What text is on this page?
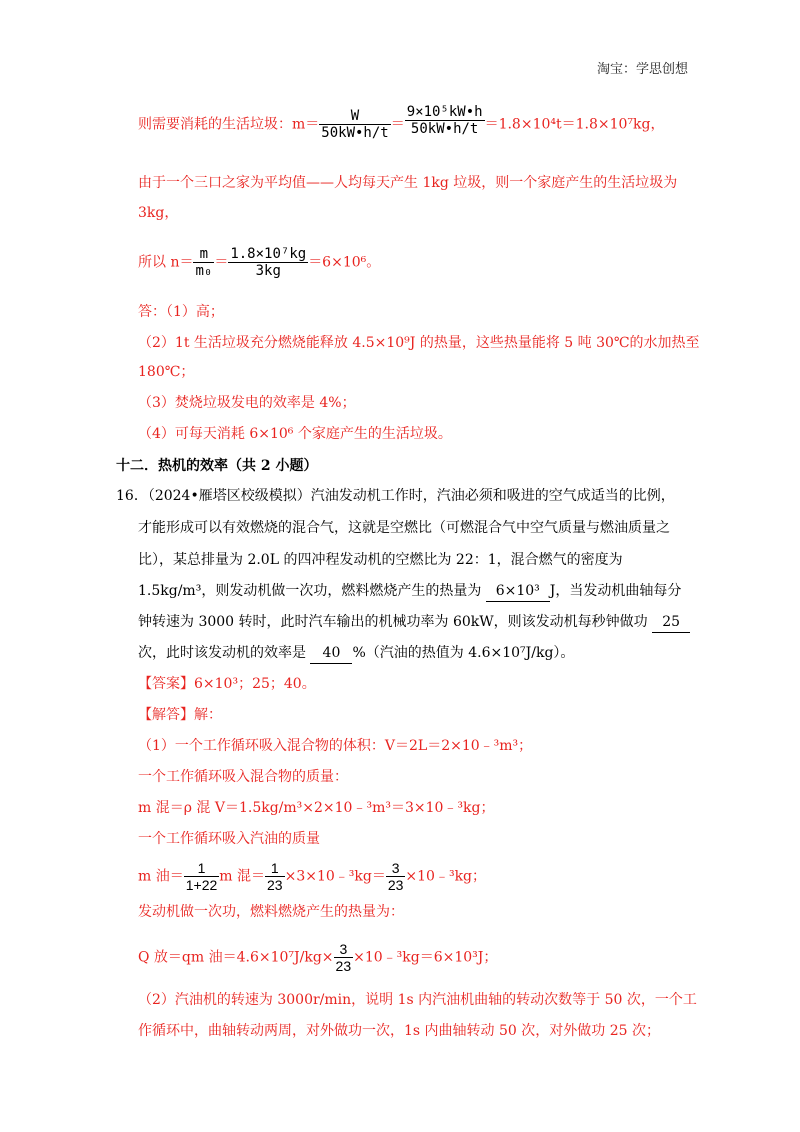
淘宝：学思创想
则需要消耗的生活垃圾：$m= \frac{W}{50kW•h/t} = \frac{\text{9×10⁵kW•h}}{50kW•h/t} =1.8\times 10^4t=1.8\times 10^7kg$，
由于一个三口之家为平均值——人均每天产生 1kg 垃圾，则一个家庭产生的生活垃圾为
3kg，
所以 $n= \frac{m}{\text{m₀}} = \frac{\text{1.8×10⁷kg}}{3kg} =6\times 10^6$。
答：（1）高；
（2）1t 生活垃圾充分燃烧能释放 4.5×10⁹J 的热量，这些热量能将 5 吨 30℃的水加热至
180℃；
（3）焚烧垃圾发电的效率是 4%；
（4）可每天消耗 6×10⁶ 个家庭产生的生活垃圾。
十二．热机的效率（共 2 小题）
16．（2024•雁塔区校级模拟）汽油发动机工作时，汽油必须和吸进的空气成适当的比例，
才能形成可以有效燃烧的混合气，这就是空燃比（可燃混合气中空气质量与燃油质量之
比），某总排量为 2.0L 的四冲程发动机的空燃比为 22：1，混合燃气的密度为
1.5kg/m³，则发动机做一次功，燃料燃烧产生的热量为 6×10³ J，当发动机曲轴每分
钟转速为 3000 转时，此时汽车输出的机械功率为 60kW，则该发动机每秒钟做功 25
次，此时该发动机的效率是 40 %（汽油的热值为 4.6×10⁷J/kg）。
【答案】6×10³；25；40。
【解答】解：
（1）一个工作循环吸入混合物的体积：V＝2L＝2×10﹣³m³；
一个工作循环吸入混合物的质量：
m 混＝ρ 混 V＝1.5kg/m³×2×10﹣³m³＝3×10﹣³kg；
一个工作循环吸入汽油的质量
m 油＝ $\frac{1}{1+22}$ m 混＝ $\frac{1}{23}$ ×3×10﹣³kg＝ $\frac{3}{23}$ ×10﹣³kg；
发动机做一次功，燃料燃烧产生的热量为：
Q 放＝qm 油$=4.6\times 10^7J/kg\times \frac{3}{23}$ ×10﹣³kg＝6×10³J；
（2）汽油机的转速为 3000r/min，说明 1s 内汽油机曲轴的转动次数等于 50 次，一个工
作循环中，曲轴转动两周，对外做功一次，1s 内曲轴转动 50 次，对外做功 25 次；
